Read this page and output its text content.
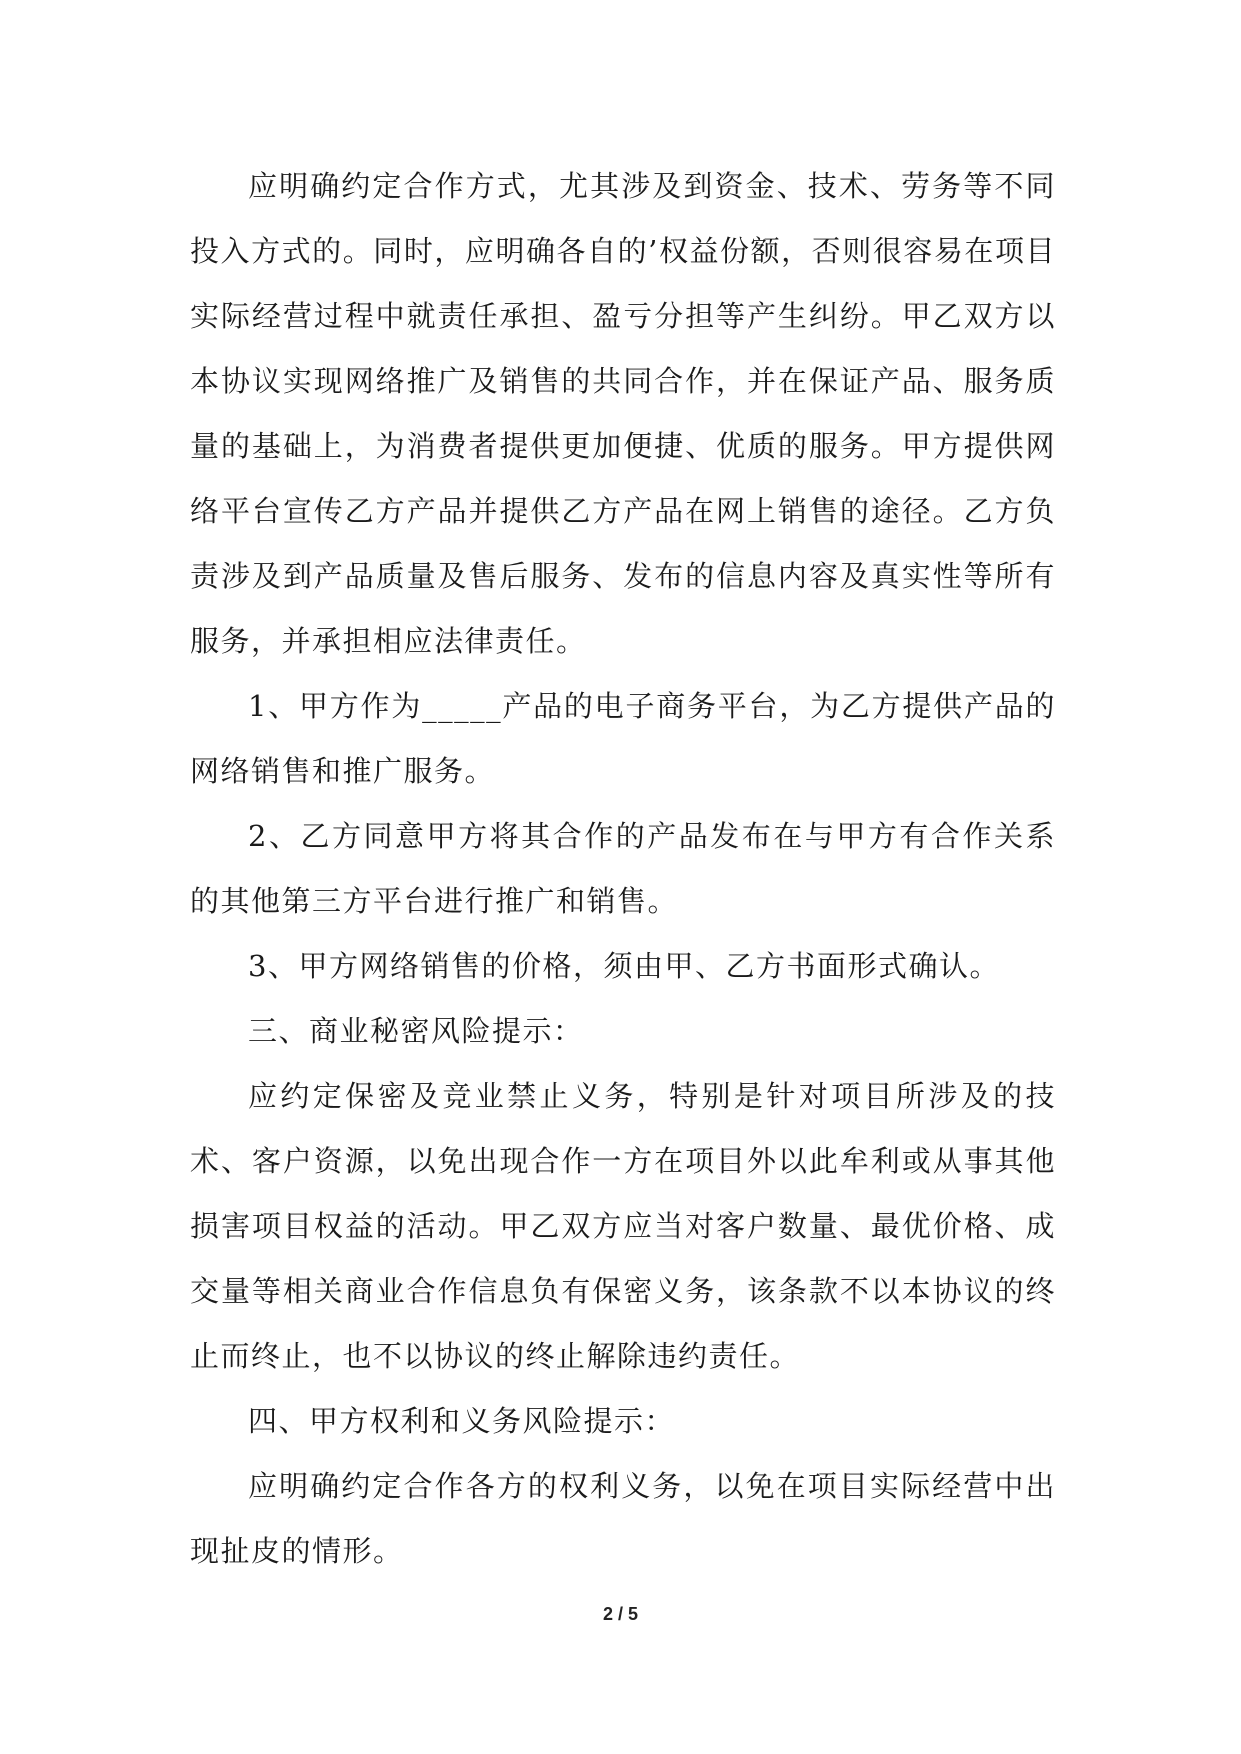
应明确约定合作方式，尤其涉及到资金、技术、劳务等不同投入方式的。同时，应明确各自的’权益份额，否则很容易在项目实际经营过程中就责任承担、盈亏分担等产生纠纷。甲乙双方以本协议实现网络推广及销售的共同合作，并在保证产品、服务质量的基础上，为消费者提供更加便捷、优质的服务。甲方提供网络平台宣传乙方产品并提供乙方产品在网上销售的途径。乙方负责涉及到产品质量及售后服务、发布的信息内容及真实性等所有服务，并承担相应法律责任。

1、甲方作为_____产品的电子商务平台，为乙方提供产品的网络销售和推广服务。

2、乙方同意甲方将其合作的产品发布在与甲方有合作关系的其他第三方平台进行推广和销售。

3、甲方网络销售的价格，须由甲、乙方书面形式确认。

三、商业秘密风险提示：

应约定保密及竞业禁止义务，特别是针对项目所涉及的技术、客户资源，以免出现合作一方在项目外以此牟利或从事其他损害项目权益的活动。甲乙双方应当对客户数量、最优价格、成交量等相关商业合作信息负有保密义务，该条款不以本协议的终止而终止，也不以协议的终止解除违约责任。

四、甲方权利和义务风险提示：

应明确约定合作各方的权利义务，以免在项目实际经营中出现扯皮的情形。

2 / 5
